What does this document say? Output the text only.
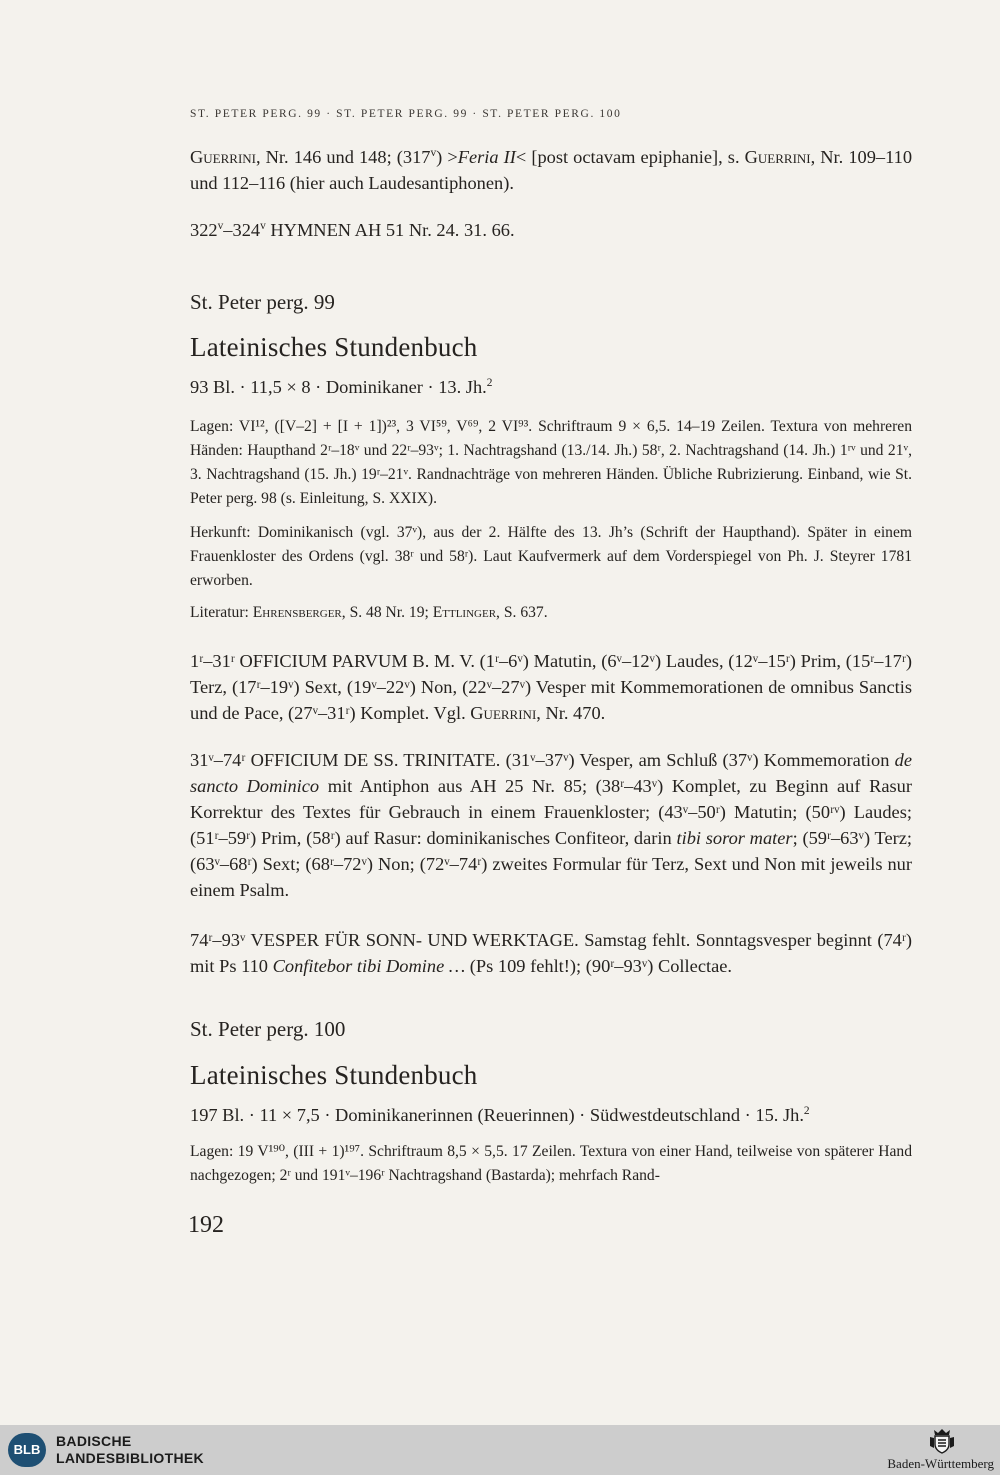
ST. PETER PERG. 99 · ST. PETER PERG. 99 · ST. PETER PERG. 100
Guerrini, Nr. 146 und 148; $(317^v)$ >Feria II< [post octavam epiphanie], s. Guerrini, Nr. 109–110 und 112–116 (hier auch Laudesantiphonen).
322$^v$–324$^v$ HYMNEN AH 51 Nr. 24. 31. 66.
St. Peter perg. 99
Lateinisches Stundenbuch
93 Bl. · 11,5 × 8 · Dominikaner · 13. Jh.$^2$
Lagen: VI¹², ([V–2] + [I + 1])²³, 3 VI⁵⁹, V⁶⁹, 2 VI⁹³. Schriftraum 9 × 6,5. 14–19 Zeilen. Textura von mehreren Händen: Haupthand 2ʳ–18ᵛ und 22ʳ–93ᵛ; 1. Nachtragshand (13./14. Jh.) 58ʳ, 2. Nachtragshand (14. Jh.) 1ʳᵛ und 21ᵛ, 3. Nachtragshand (15. Jh.) 19ʳ–21ᵛ. Randnachträge von mehreren Händen. Übliche Rubrizierung. Einband, wie St. Peter perg. 98 (s. Einleitung, S. XXIX).
Herkunft: Dominikanisch (vgl. 37ᵛ), aus der 2. Hälfte des 13. Jh’s (Schrift der Haupthand). Später in einem Frauenkloster des Ordens (vgl. 38ʳ und 58ʳ). Laut Kaufvermerk auf dem Vorderspiegel von Ph. J. Steyrer 1781 erworben.
Literatur: Ehrensberger, S. 48 Nr. 19; Ettlinger, S. 637.
1ʳ–31ʳ OFFICIUM PARVUM B. M. V. (1ʳ–6ᵛ) Matutin, (6ᵛ–12ᵛ) Laudes, (12ᵛ–15ʳ) Prim, (15ʳ–17ʳ) Terz, (17ʳ–19ᵛ) Sext, (19ᵛ–22ᵛ) Non, (22ᵛ–27ᵛ) Vesper mit Kommemorationen de omnibus Sanctis und de Pace, (27ᵛ–31ʳ) Komplet. Vgl. Guerrini, Nr. 470.
31ᵛ–74ʳ OFFICIUM DE SS. TRINITATE. (31ᵛ–37ᵛ) Vesper, am Schluß (37ᵛ) Kommemoration de sancto Dominico mit Antiphon aus AH 25 Nr. 85; (38ʳ–43ᵛ) Komplet, zu Beginn auf Rasur Korrektur des Textes für Gebrauch in einem Frauenkloster; (43ᵛ–50ʳ) Matutin; (50ʳᵛ) Laudes; (51ʳ–59ʳ) Prim, (58ʳ) auf Rasur: dominikanisches Confiteor, darin tibi soror mater; (59ʳ–63ᵛ) Terz; (63ᵛ–68ʳ) Sext; (68ʳ–72ᵛ) Non; (72ᵛ–74ʳ) zweites Formular für Terz, Sext und Non mit jeweils nur einem Psalm.
74ʳ–93ᵛ VESPER FÜR SONN- UND WERKTAGE. Samstag fehlt. Sonntagsvesper beginnt (74ʳ) mit Ps 110 Confitebor tibi Domine … (Ps 109 fehlt!); (90ʳ–93ᵛ) Collectae.
St. Peter perg. 100
Lateinisches Stundenbuch
197 Bl. · 11 × 7,5 · Dominikanerinnen (Reuerinnen) · Südwestdeutschland · 15. Jh.$^2$
Lagen: 19 V¹⁹⁰, (III + 1)¹⁹⁷. Schriftraum 8,5 × 5,5. 17 Zeilen. Textura von einer Hand, teilweise von späterer Hand nachgezogen; 2ʳ und 191ᵛ–196ʳ Nachtragshand (Bastarda); mehrfach Rand-
192
BLB
BADISCHE
LANDESBIBLIOTHEK	Baden-Württemberg
